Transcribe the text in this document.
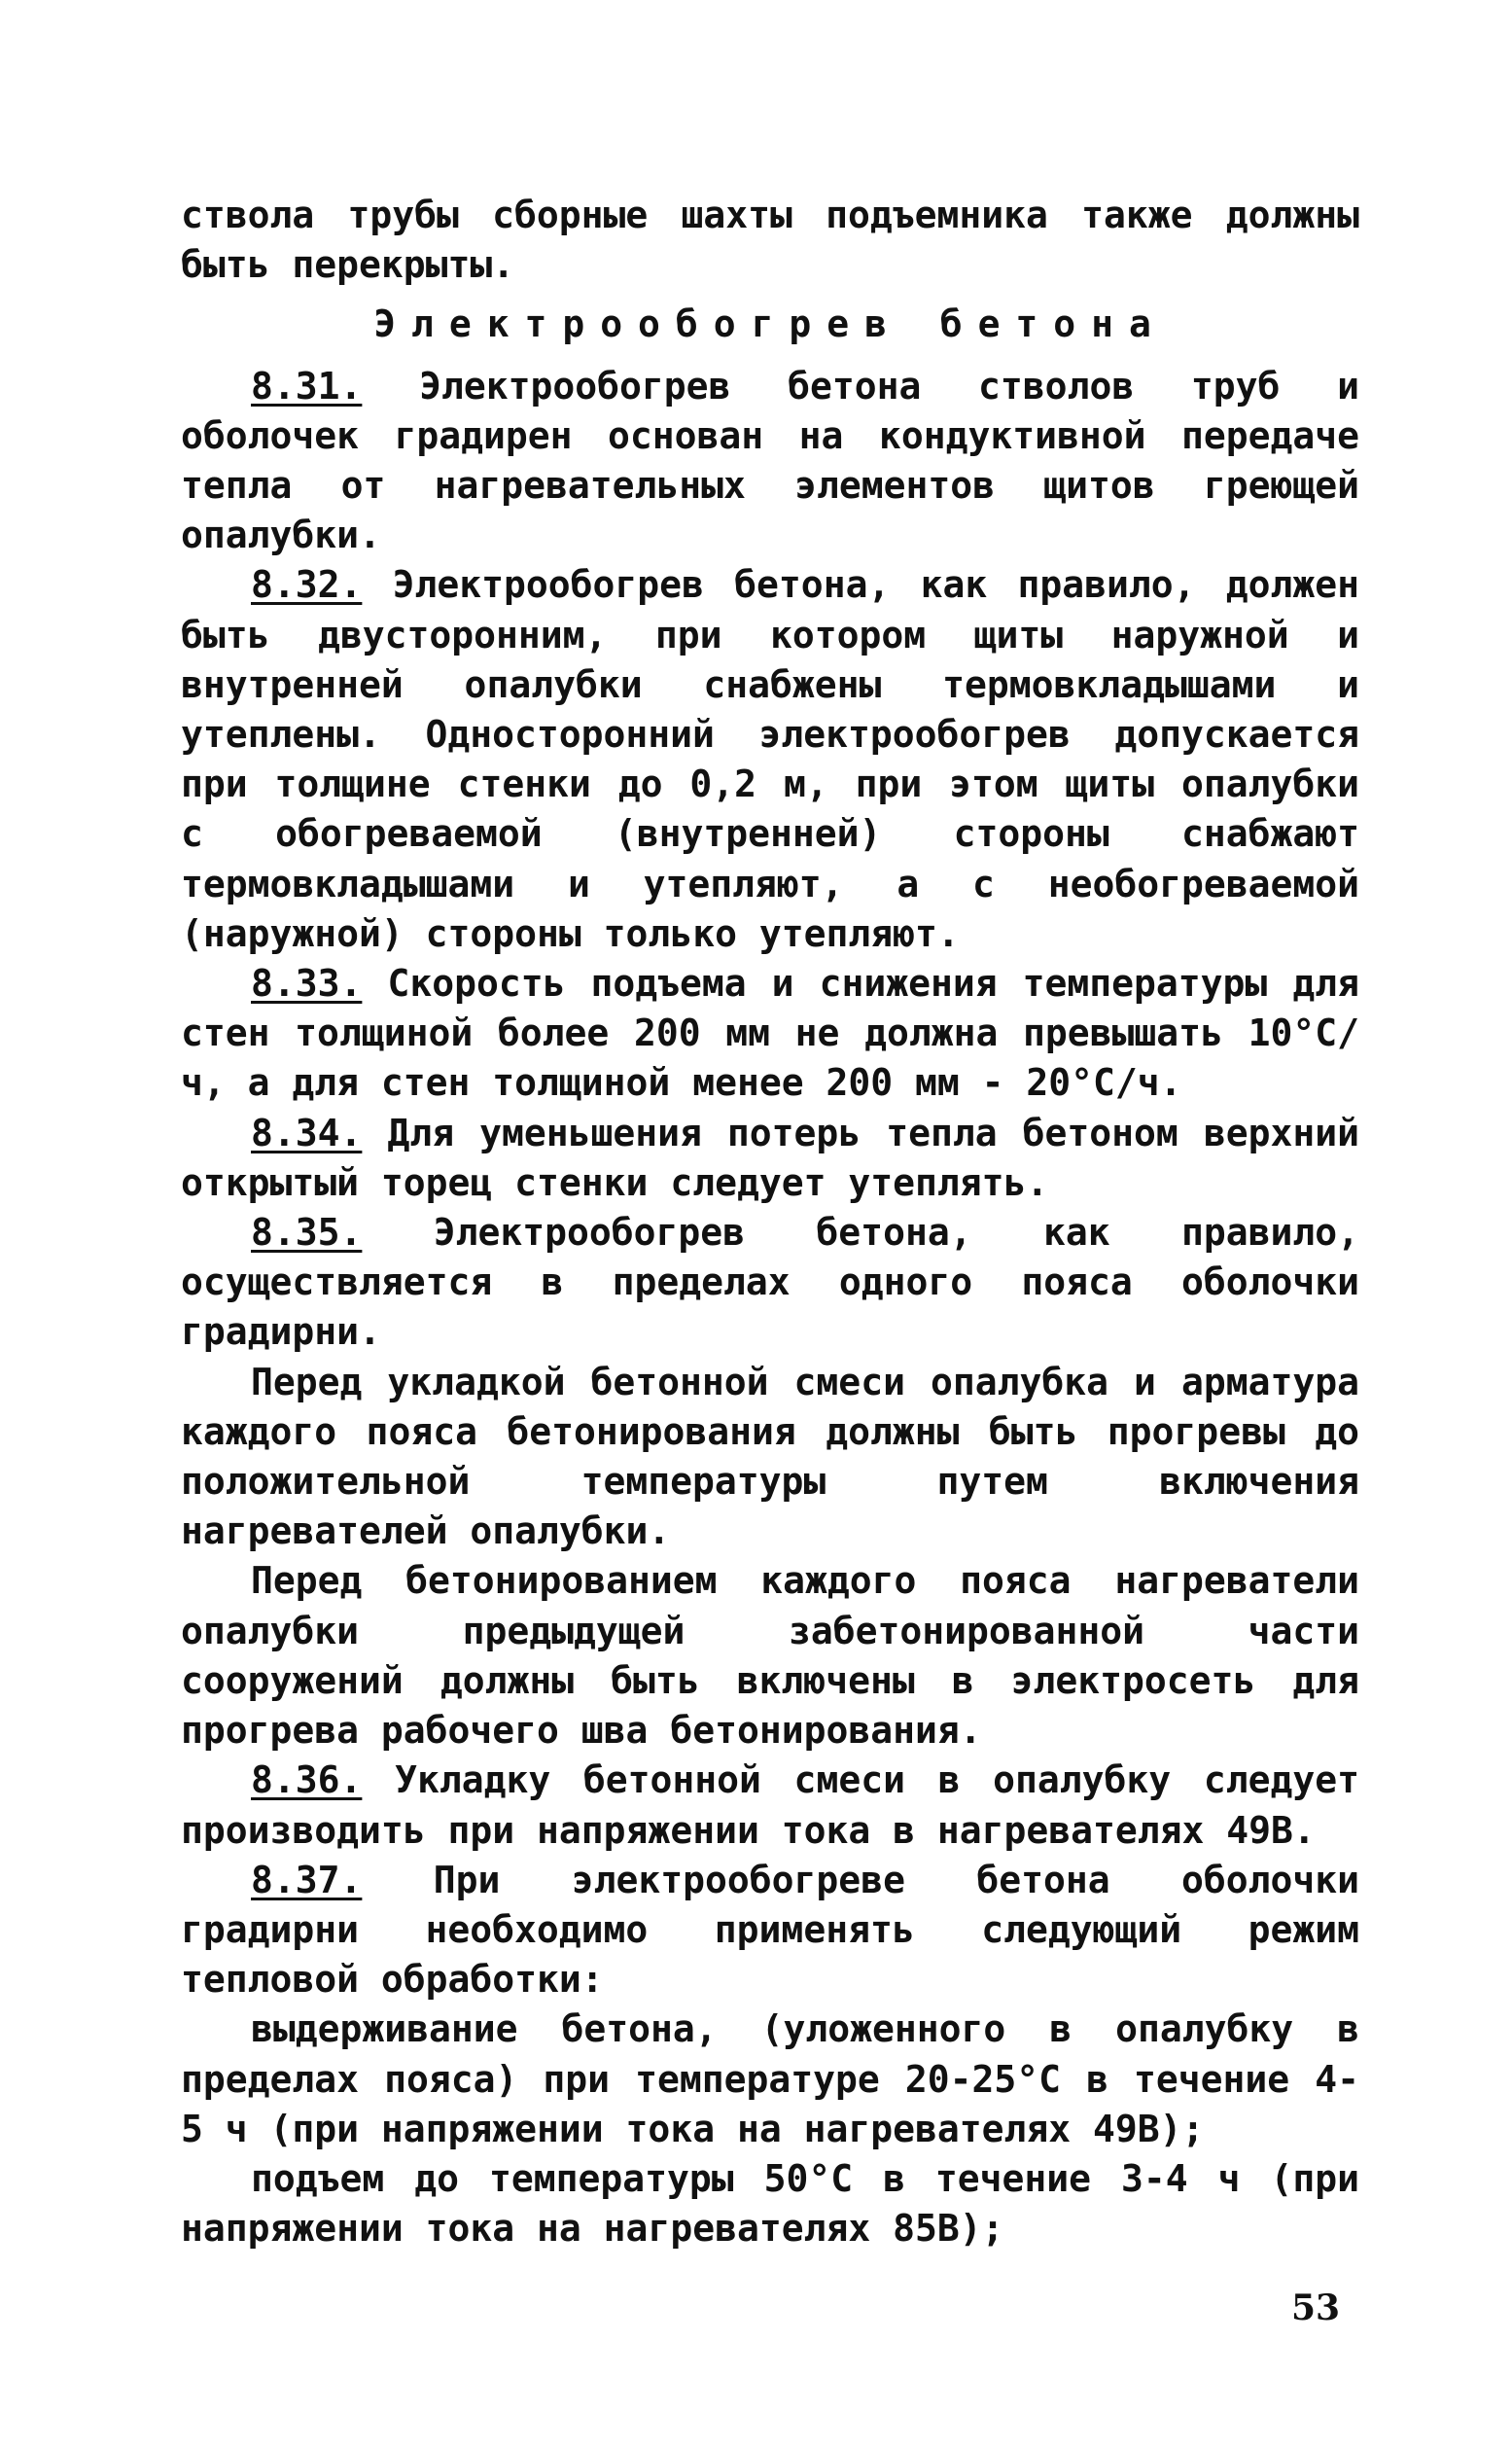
ствола трубы сборные шахты подъемника также должны быть перекрыты.

Электрообогрев бетона

8.31. Электрообогрев бетона стволов труб и оболочек градирен основан на кондуктивной передаче тепла от нагревательных элементов щитов греющей опалубки.

8.32. Электрообогрев бетона, как правило, должен быть двусторонним, при котором щиты наружной и внутренней опалубки снабжены термовкладышами и утеплены. Односторонний электрообогрев допускается при толщине стенки до 0,2 м, при этом щиты опалубки с обогреваемой (внутренней) стороны снабжают термовкладышами и утепляют, а с необогреваемой (наружной) стороны только утепляют.

8.33. Скорость подъема и снижения температуры для стен толщиной более 200 мм не должна превышать 10°С/ч, а для стен толщиной менее 200 мм - 20°С/ч.

8.34. Для уменьшения потерь тепла бетоном верхний открытый торец стенки следует утеплять.

8.35. Электрообогрев бетона, как правило, осуществляется в пределах одного пояса оболочки градирни.

Перед укладкой бетонной смеси опалубка и арматура каждого пояса бетонирования должны быть прогревы до положительной температуры путем включения нагревателей опалубки.

Перед бетонированием каждого пояса нагреватели опалубки предыдущей забетонированной части сооружений должны быть включены в электросеть для прогрева рабочего шва бетонирования.

8.36. Укладку бетонной смеси в опалубку следует производить при напряжении тока в нагревателях 49В.

8.37. При электрообогреве бетона оболочки градирни необходимо применять следующий режим тепловой обработки:

выдерживание бетона, (уложенного в опалубку в пределах пояса) при температуре 20-25°С в течение 4-5 ч (при напряжении тока на нагревателях 49В);

подъем до температуры 50°С в течение 3-4 ч (при напряжении тока на нагревателях 85В);

53
